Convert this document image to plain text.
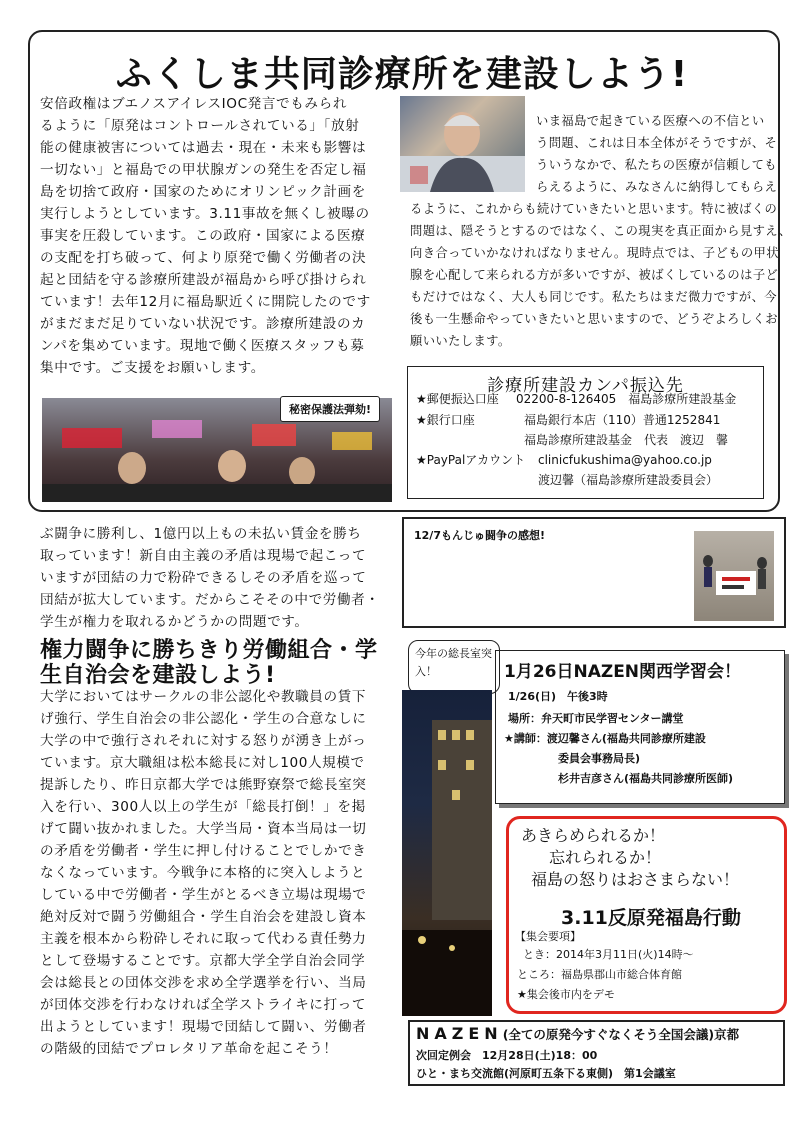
ふくしま共同診療所を建設しよう!
安倍政権はブエノスアイレスIOC発言でもみられ
るように「原発はコントロールされている」「放射
能の健康被害については過去・現在・未来も影響は
一切ない」と福島での甲状腺ガンの発生を否定し福
島を切捨て政府・国家のためにオリンピック計画を
実行しようとしています。3.11事故を無くし被曝の
事実を圧殺しています。この政府・国家による医療
の支配を打ち破って、何より原発で働く労働者の決
起と団結を守る診療所建設が福島から呼び掛けられ
ています！去年12月に福島駅近くに開院したのです
がまだまだ足りていない状況です。診療所建設のカ
ンパを集めています。現地で働く医療スタッフも募
集中です。ご支援をお願いします。
いま福島で起きている医療への不信とい
う問題、これは日本全体がそうですが、そ
ういうなかで、私たちの医療が信頼しても
らえるように、みなさんに納得してもらえ
るように、これからも続けていきたいと思います。特に被ばくの
問題は、隠そうとするのではなく、この現実を真正面から見すえ、
向き合っていかなければなりません。現時点では、子どもの甲状
腺を心配して来られる方が多いですが、被ばくしているのは子ど
もだけではなく、大人も同じです。私たちはまだ微力ですが、今
後も一生懸命やっていきたいと思いますので、どうぞよろしくお
願いいたします。
秘密保護法弾劾!
診療所建設カンパ振込先
★郵便振込口座 02200-8-126405　福島診療所建設基金
★銀行口座	福島銀行本店（110）普通1252841
福島診療所建設基金　代表　渡辺　馨
★PayPalアカウント clinicfukushima@yahoo.co.jp
渡辺馨（福島診療所建設委員会）
ぶ闘争に勝利し、1億円以上もの未払い賃金を勝ち
取っています！新自由主義の矛盾は現場で起こって
いますが団結の力で粉砕できるしその矛盾を巡って
団結が拡大しています。だからこそその中で労働者・
学生が権力を取れるかどうかの問題です。
権力闘争に勝ちきり労働組合・学
生自治会を建設しよう!
大学においてはサークルの非公認化や教職員の賃下
げ強行、学生自治会の非公認化・学生の合意なしに
大学の中で強行されそれに対する怒りが湧き上がっ
ています。京大職組は松本総長に対し100人規模で
提訴したり、昨日京都大学では熊野寮祭で総長室突
入を行い、300人以上の学生が「総長打倒！」を掲
げて闘い抜かれました。大学当局・資本当局は一切
の矛盾を労働者・学生に押し付けることでしかでき
なくなっています。今戦争に本格的に突入しようと
している中で労働者・学生がとるべき立場は現場で
絶対反対で闘う労働組合・学生自治会を建設し資本
主義を根本から粉砕しそれに取って代わる責任勢力
として登場することです。京都大学全学自治会同学
会は総長との団体交渉を求め全学選挙を行い、当局
が団体交渉を行わなければ全学ストライキに打って
出ようとしています！現場で団結して闘い、労働者
の階級的団結でプロレタリア革命を起こそう！
12/7もんじゅ闘争の感想!
今年の総長室突入！	1月26日NAZEN関西学習会！
1/26(日)　午後3時
場所：弁天町市民学習センター講堂
★講師：渡辺馨さん(福島共同診療所建設
委員会事務局長)
杉井吉彦さん(福島共同診療所医師)
あきらめられるか！
忘れられるか！
福島の怒りはおさまらない！
3.11反原発福島行動
【集会要項】
とき：2014年3月11日(火)14時～
ところ：福島県郡山市総合体育館
★集会後市内をデモ
NAZEN(全ての原発今すぐなくそう全国会議)京都
次回定例会　12月28日(土)18：00
ひと・まち交流館(河原町五条下る東側)　第1会議室
